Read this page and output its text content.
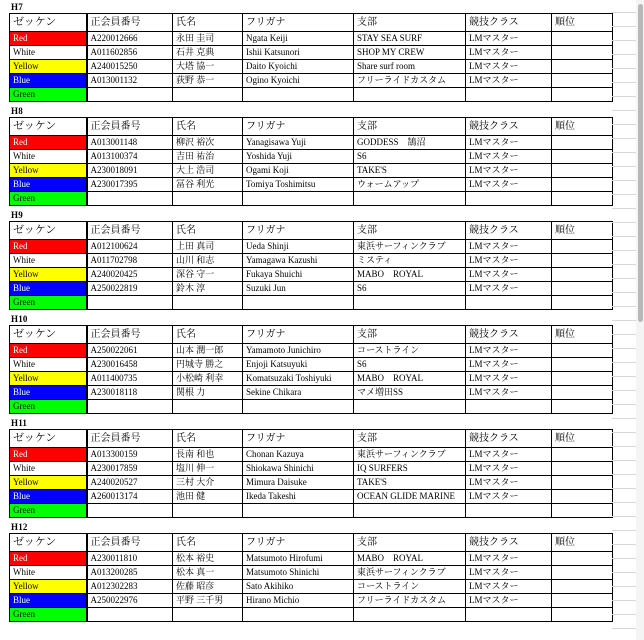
H7
ゼッケン	正会員番号	氏名	フリガナ	支部	競技クラス	順位
Red	A220012666	永田 圭司	Ngata Keiji	STAY SEA SURF	LMマスター	
White	A011602856	石井 克典	Ishii Katsunori	SHOP MY CREW	LMマスター	
Yellow	A240015250	大塔 協一	Daito Kyoichi	Share surf room	LMマスター	
Blue	A013001132	荻野 恭一	Ogino Kyoichi	フリーライドカスタム	LMマスター	
Green						
H8
ゼッケン	正会員番号	氏名	フリガナ	支部	競技クラス	順位
Red	A013001148	柳沢 裕次	Yanagisawa Yuji	GODDESS　鵠沼	LMマスター	
White	A013100374	吉田 祐治	Yoshida Yuji	S6	LMマスター	
Yellow	A230018091	大上 浩司	Ogami Koji	TAKE'S	LMマスター	
Blue	A230017395	冨谷 利光	Tomiya Toshimitsu	ウォームアップ	LMマスター	
Green						
H9
ゼッケン	正会員番号	氏名	フリガナ	支部	競技クラス	順位
Red	A012100624	上田 真司	Ueda Shinji	東浜サーフィンクラブ	LMマスター	
White	A011702798	山川 和志	Yamagawa Kazushi	ミスティ	LMマスター	
Yellow	A240020425	深谷 守一	Fukaya Shuichi	MABO　ROYAL	LMマスター	
Blue	A250022819	鈴木 淳	Suzuki Jun	S6	LMマスター	
Green						
H10
ゼッケン	正会員番号	氏名	フリガナ	支部	競技クラス	順位
Red	A250022061	山本 潤一郎	Yamamoto Junichiro	コーストライン	LMマスター	
White	A230016458	円城寺 勝之	Enjoji Katsuyuki	S6	LMマスター	
Yellow	A011400735	小松崎 利幸	Komatsuzaki Toshiyuki	MABO　ROYAL	LMマスター	
Blue	A230018118	関根 力	Sekine Chikara	マメ増田SS	LMマスター	
Green						
H11
ゼッケン	正会員番号	氏名	フリガナ	支部	競技クラス	順位
Red	A013300159	長南 和也	Chonan Kazuya	東浜サーフィンクラブ	LMマスター	
White	A230017859	塩川 伸一	Shiokawa Shinichi	IQ SURFERS	LMマスター	
Yellow	A240020527	三村 大介	Mimura Daisuke	TAKE'S	LMマスター	
Blue	A260013174	池田 健	Ikeda Takeshi	OCEAN GLIDE MARINE	LMマスター	
Green						
H12
ゼッケン	正会員番号	氏名	フリガナ	支部	競技クラス	順位
Red	A230011810	松本 裕史	Matsumoto Hirofumi	MABO　ROYAL	LMマスター	
White	A013200285	松本 真一	Matsumoto Shinichi	東浜サーフィンクラブ	LMマスター	
Yellow	A012302283	佐藤 昭彦	Sato Akihiko	コーストライン	LMマスター	
Blue	A250022976	平野 三千男	Hirano Michio	フリーライドカスタム	LMマスター	
Green						
